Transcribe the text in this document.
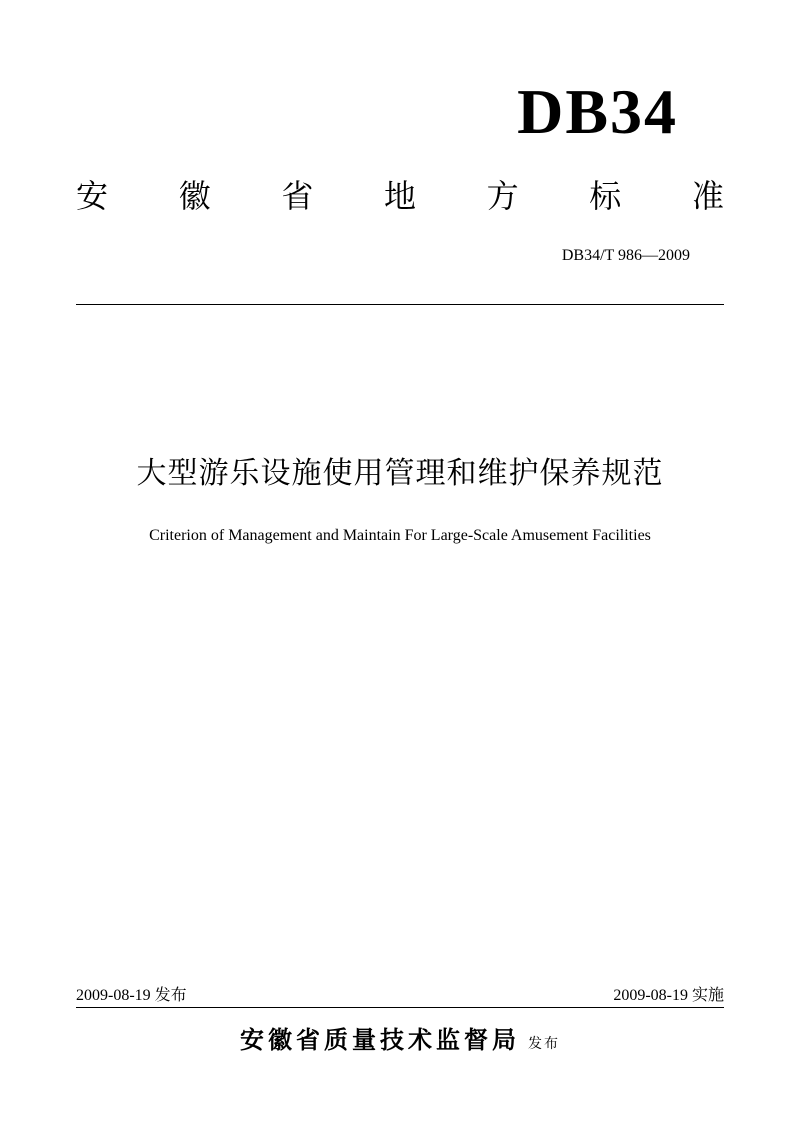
DB34
安 徽 省 地 方 标 准
DB34/T 986—2009
大型游乐设施使用管理和维护保养规范
Criterion of Management and Maintain For Large-Scale Amusement Facilities
2009-08-19 发布	2009-08-19 实施
安徽省质量技术监督局 发布
